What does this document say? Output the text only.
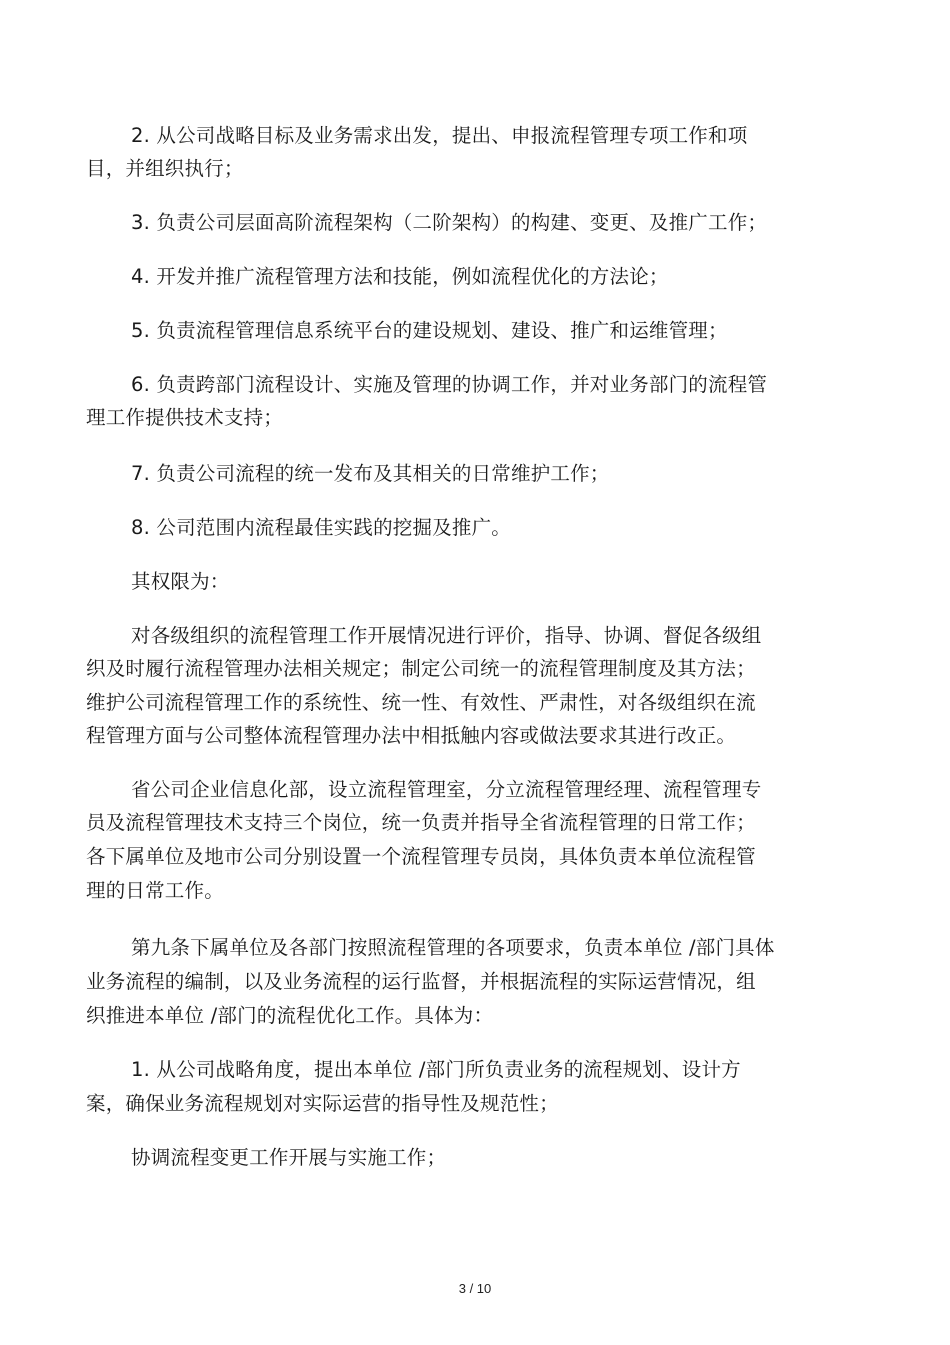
2. 从公司战略目标及业务需求出发，提出、申报流程管理专项工作和项
目，并组织执行；
3. 负责公司层面高阶流程架构（二阶架构）的构建、变更、及推广工作；
4. 开发并推广流程管理方法和技能，例如流程优化的方法论；
5. 负责流程管理信息系统平台的建设规划、建设、推广和运维管理；
6. 负责跨部门流程设计、实施及管理的协调工作，并对业务部门的流程管
理工作提供技术支持；
7. 负责公司流程的统一发布及其相关的日常维护工作；
8. 公司范围内流程最佳实践的挖掘及推广。
其权限为：
对各级组织的流程管理工作开展情况进行评价，指导、协调、督促各级组
织及时履行流程管理办法相关规定；制定公司统一的流程管理制度及其方法；
维护公司流程管理工作的系统性、统一性、有效性、严肃性，对各级组织在流
程管理方面与公司整体流程管理办法中相抵触内容或做法要求其进行改正。
省公司企业信息化部，设立流程管理室，分立流程管理经理、流程管理专
员及流程管理技术支持三个岗位，统一负责并指导全省流程管理的日常工作；
各下属单位及地市公司分别设置一个流程管理专员岗，具体负责本单位流程管
理的日常工作。
第九条下属单位及各部门按照流程管理的各项要求，负责本单位 /部门具体
业务流程的编制，以及业务流程的运行监督，并根据流程的实际运营情况，组
织推进本单位 /部门的流程优化工作。具体为：
1. 从公司战略角度，提出本单位 /部门所负责业务的流程规划、设计方
案，确保业务流程规划对实际运营的指导性及规范性；
协调流程变更工作开展与实施工作；
3 / 10
